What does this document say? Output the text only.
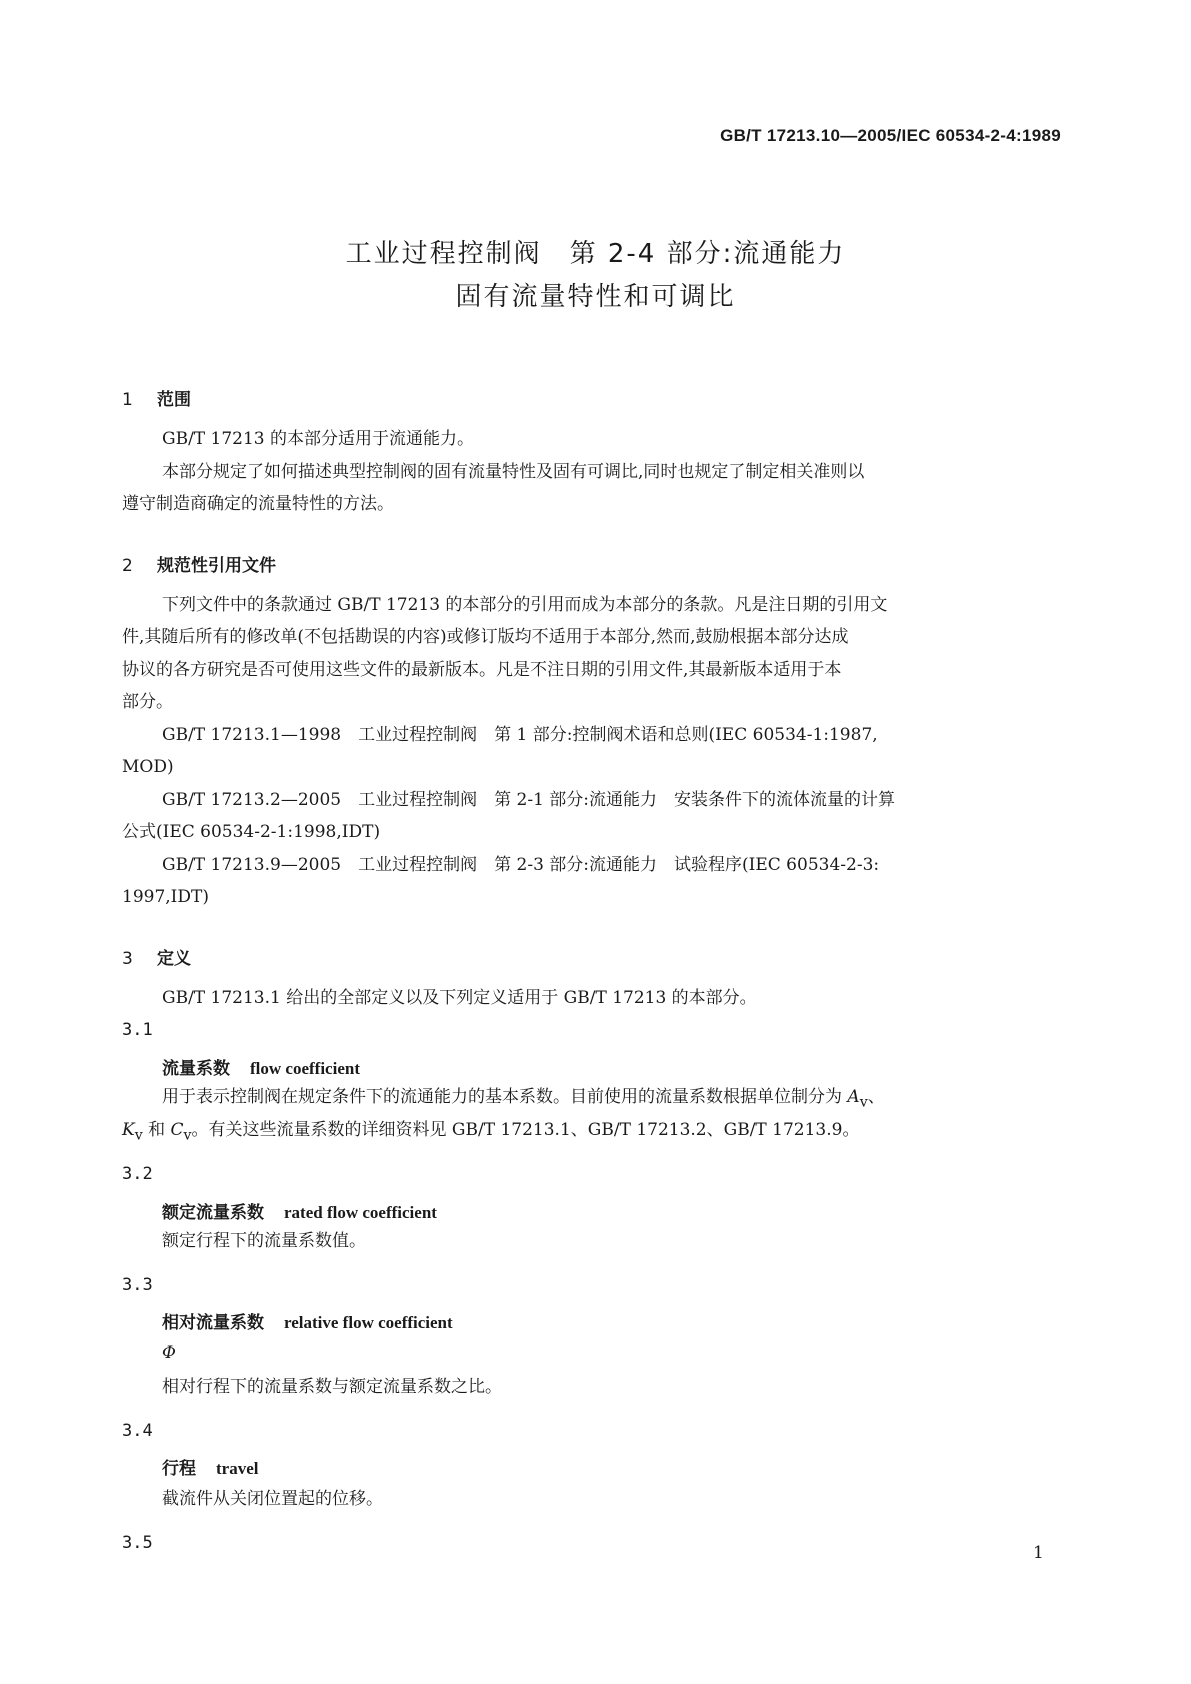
GB/T 17213.10—2005/IEC 60534-2-4:1989
工业过程控制阀　第 2-4 部分:流通能力
固有流量特性和可调比
1 范围
GB/T 17213 的本部分适用于流通能力。
本部分规定了如何描述典型控制阀的固有流量特性及固有可调比,同时也规定了制定相关准则以
遵守制造商确定的流量特性的方法。
2 规范性引用文件
下列文件中的条款通过 GB/T 17213 的本部分的引用而成为本部分的条款。凡是注日期的引用文
件,其随后所有的修改单(不包括勘误的内容)或修订版均不适用于本部分,然而,鼓励根据本部分达成
协议的各方研究是否可使用这些文件的最新版本。凡是不注日期的引用文件,其最新版本适用于本
部分。
GB/T 17213.1—1998　工业过程控制阀　第 1 部分:控制阀术语和总则(IEC 60534-1:1987,
MOD)
GB/T 17213.2—2005　工业过程控制阀　第 2-1 部分:流通能力　安装条件下的流体流量的计算
公式(IEC 60534-2-1:1998,IDT)
GB/T 17213.9—2005　工业过程控制阀　第 2-3 部分:流通能力　试验程序(IEC 60534-2-3:
1997,IDT)
3 定义
GB/T 17213.1 给出的全部定义以及下列定义适用于 GB/T 17213 的本部分。
3.1
流量系数 flow coefficient
用于表示控制阀在规定条件下的流通能力的基本系数。目前使用的流量系数根据单位制分为 $A_v$、
$K_v$ 和 $C_v$。有关这些流量系数的详细资料见 GB/T 17213.1、GB/T 17213.2、GB/T 17213.9。
3.2
额定流量系数 rated flow coefficient
额定行程下的流量系数值。
3.3
相对流量系数 relative flow coefficient
Φ
相对行程下的流量系数与额定流量系数之比。
3.4
行程 travel
截流件从关闭位置起的位移。
3.5	1
